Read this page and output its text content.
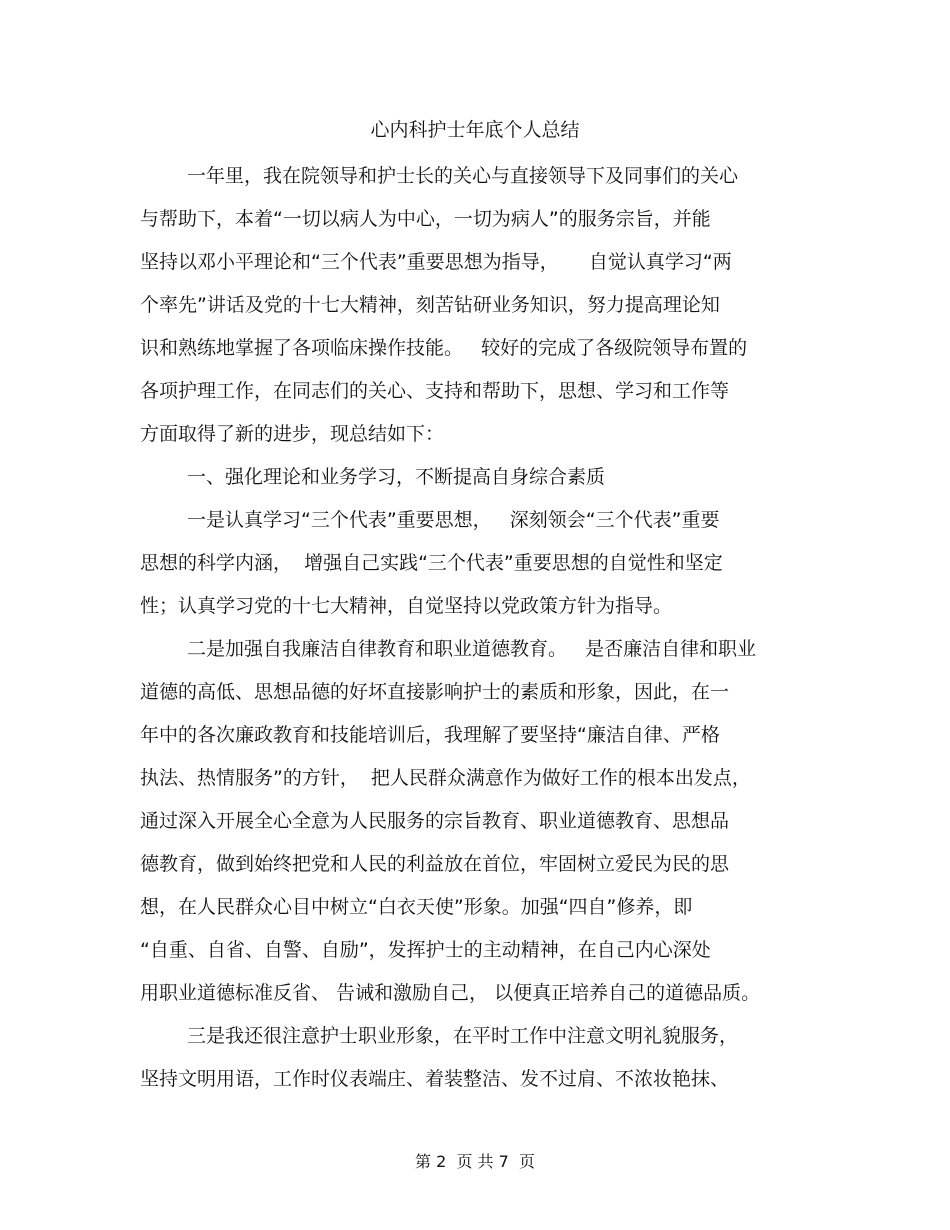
心内科护士年底个人总结
一年里，我在院领导和护士长的关心与直接领导下及同事们的关心
与帮助下，本着“一切以病人为中心，一切为病人”的服务宗旨，并能
坚持以邓小平理论和“三个代表”重要思想为指导，     自觉认真学习“两
个率先”讲话及党的十七大精神，刻苦钻研业务知识，努力提高理论知
识和熟练地掌握了各项临床操作技能。   较好的完成了各级院领导布置的
各项护理工作，在同志们的关心、支持和帮助下，思想、学习和工作等
方面取得了新的进步，现总结如下：
一、强化理论和业务学习，不断提高自身综合素质
一是认真学习“三个代表”重要思想，   深刻领会“三个代表”重要
思想的科学内涵，  增强自己实践“三个代表”重要思想的自觉性和坚定
性；认真学习党的十七大精神，自觉坚持以党政策方针为指导。
二是加强自我廉洁自律教育和职业道德教育。   是否廉洁自律和职业
道德的高低、思想品德的好坏直接影响护士的素质和形象，因此，在一
年中的各次廉政教育和技能培训后，我理解了要坚持“廉洁自律、严格
执法、热情服务”的方针，  把人民群众满意作为做好工作的根本出发点，
通过深入开展全心全意为人民服务的宗旨教育、职业道德教育、思想品
德教育，做到始终把党和人民的利益放在首位，牢固树立爱民为民的思
想，在人民群众心目中树立“白衣天使”形象。加强“四自”修养，即
“自重、自省、自警、自励”，发挥护士的主动精神，在自己内心深处
用职业道德标准反省、 告诫和激励自己， 以便真正培养自己的道德品质。
三是我还很注意护士职业形象，在平时工作中注意文明礼貌服务，
坚持文明用语，工作时仪表端庄、着装整洁、发不过肩、不浓妆艳抹、
第 2  页 共 7  页
